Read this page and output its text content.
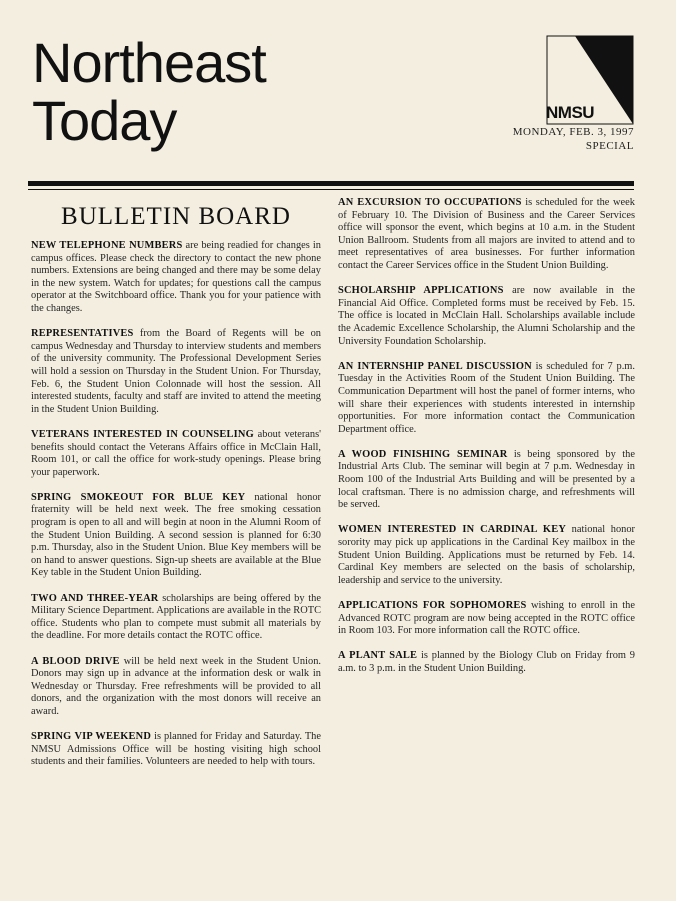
Northeast
Today	NMSU
MONDAY, FEB. 3, 1997
SPECIAL
BULLETIN BOARD

NEW TELEPHONE NUMBERS are being readied for changes in campus offices. Please check the directory to contact the new phone numbers. Extensions are being changed and there may be some delay in the new system. Watch for updates; for questions call the campus operator at the Switchboard office. Thank you for your patience with the changes.

REPRESENTATIVES from the Board of Regents will be on campus Wednesday and Thursday to interview students and members of the university community. The Professional Development Series will hold a session on Thursday in the Student Union. For Thursday, Feb. 6, the Student Union Colonnade will host the session. All interested students, faculty and staff are invited to attend the meeting in the Student Union Building.

VETERANS INTERESTED IN COUNSELING about veterans' benefits should contact the Veterans Affairs office in McClain Hall, Room 101, or call the office for work-study openings. Please bring your paperwork.

SPRING SMOKEOUT FOR BLUE KEY national honor fraternity will be held next week. The free smoking cessation program is open to all and will begin at noon in the Alumni Room of the Student Union Building. A second session is planned for 6:30 p.m. Thursday, also in the Student Union. Blue Key members will be on hand to answer questions. Sign-up sheets are available at the Blue Key table in the Student Union Building.

TWO AND THREE-YEAR scholarships are being offered by the Military Science Department. Applications are available in the ROTC office. Students who plan to compete must submit all materials by the deadline. For more details contact the ROTC office.

A BLOOD DRIVE will be held next week in the Student Union. Donors may sign up in advance at the information desk or walk in Wednesday or Thursday. Free refreshments will be provided to all donors, and the organization with the most donors will receive an award.

SPRING VIP WEEKEND is planned for Friday and Saturday. The NMSU Admissions Office will be hosting visiting high school students and their families. Volunteers are needed to help with tours.

AN EXCURSION TO OCCUPATIONS is scheduled for the week of February 10. The Division of Business and the Career Services office will sponsor the event, which begins at 10 a.m. in the Student Union Ballroom. Students from all majors are invited to attend and to meet representatives of area businesses. For further information contact the Career Services office in the Student Union Building.

SCHOLARSHIP APPLICATIONS are now available in the Financial Aid Office. Completed forms must be received by Feb. 15. The office is located in McClain Hall. Scholarships available include the Academic Excellence Scholarship, the Alumni Scholarship and the University Foundation Scholarship.

AN INTERNSHIP PANEL DISCUSSION is scheduled for 7 p.m. Tuesday in the Activities Room of the Student Union Building. The Communication Department will host the panel of former interns, who will share their experiences with students interested in internship opportunities. For more information contact the Communication Department office.

A WOOD FINISHING SEMINAR is being sponsored by the Industrial Arts Club. The seminar will begin at 7 p.m. Wednesday in Room 100 of the Industrial Arts Building and will be presented by a local craftsman. There is no admission charge, and refreshments will be served.

WOMEN INTERESTED IN CARDINAL KEY national honor sorority may pick up applications in the Cardinal Key mailbox in the Student Union Building. Applications must be returned by Feb. 14. Cardinal Key members are selected on the basis of scholarship, leadership and service to the university.

APPLICATIONS FOR SOPHOMORES wishing to enroll in the Advanced ROTC program are now being accepted in the ROTC office in Room 103. For more information call the ROTC office.

A PLANT SALE is planned by the Biology Club on Friday from 9 a.m. to 3 p.m. in the Student Union Building.
